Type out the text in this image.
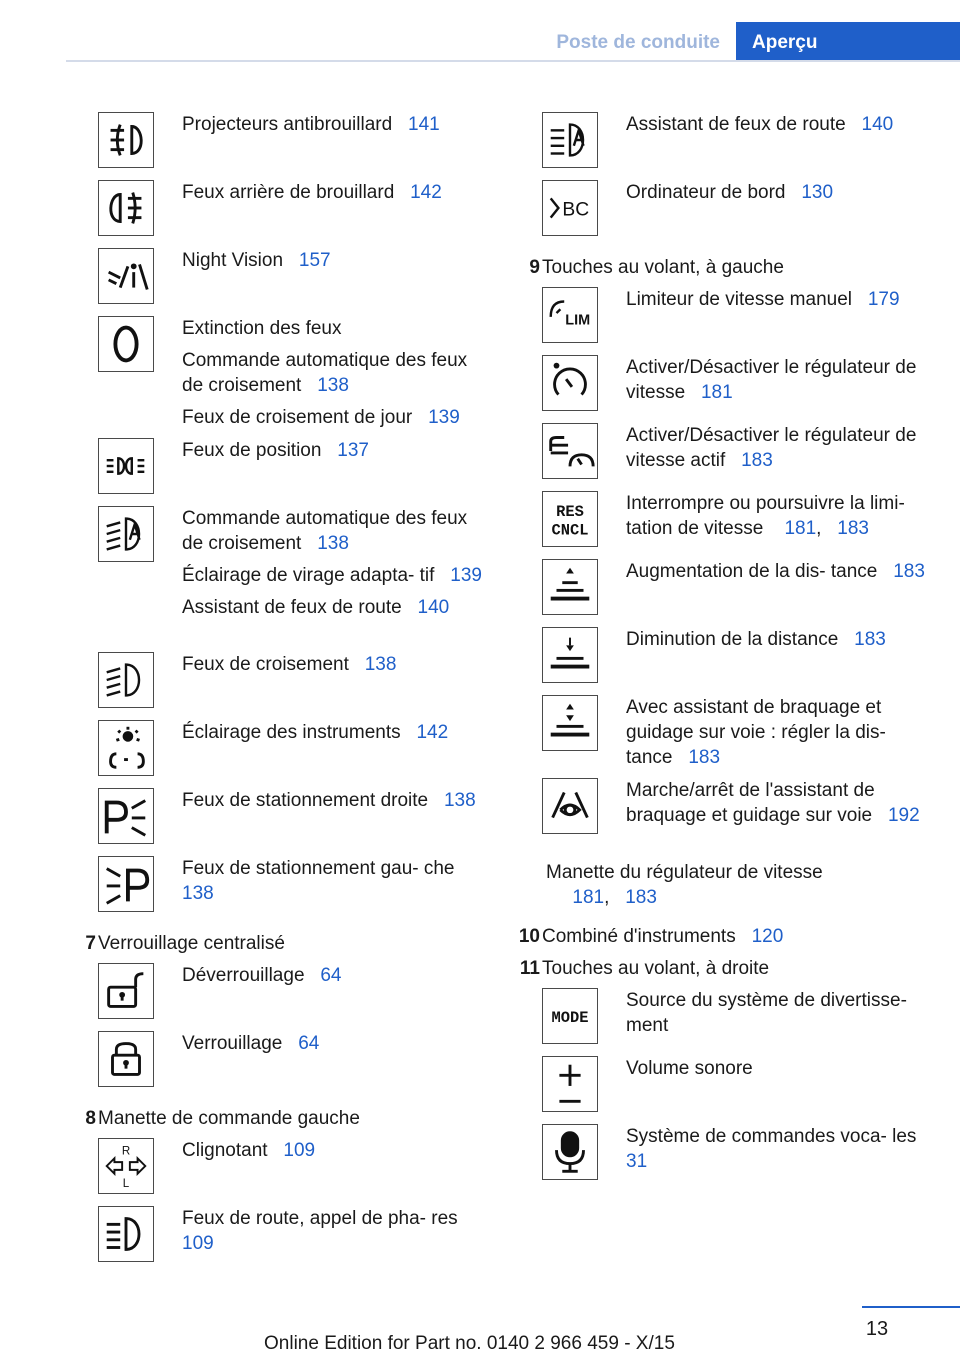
Poste de conduite	Aperçu
Projecteurs antibrouillard 141
Feux arrière de brouillard 142
Night Vision 157
Extinction des feux
Commande automatique des feux de croisement 138
Feux de croisement de jour 139
Feux de position 137
Commande automatique des feux de croisement 138
Éclairage de virage adapta- tif 139
Assistant de feux de route 140
Feux de croisement 138
Éclairage des instruments 142
Feux de stationnement droite 138
Feux de stationnement gau- che   138
7 Verrouillage centralisé
Déverrouillage 64
Verrouillage 64
8 Manette de commande gauche
R
L
Clignotant 109
Feux de route, appel de pha- res   109
Assistant de feux de route 140
BC
Ordinateur de bord 130
9 Touches au volant, à gauche
LIM
Limiteur de vitesse manuel 179
Activer/Désactiver le régulateur de vitesse 181
Activer/Désactiver le régulateur de vitesse actif 183
RES
CNCL
Interrompre ou poursuivre la limi- tation de vitesse 181,   183
Augmentation de la dis- tance 183
Diminution de la distance 183
Avec assistant de braquage et guidage sur voie : régler la dis- tance 183
Marche/arrêt de l'assistant de braquage et guidage sur voie 192
Manette du régulateur de vitesse
181,   183
10 Combiné d'instruments 120
11 Touches au volant, à droite
MODE
Source du système de divertisse- ment
Volume sonore
Système de commandes voca- les   31
13
Online Edition for Part no. 0140 2 966 459 - X/15
